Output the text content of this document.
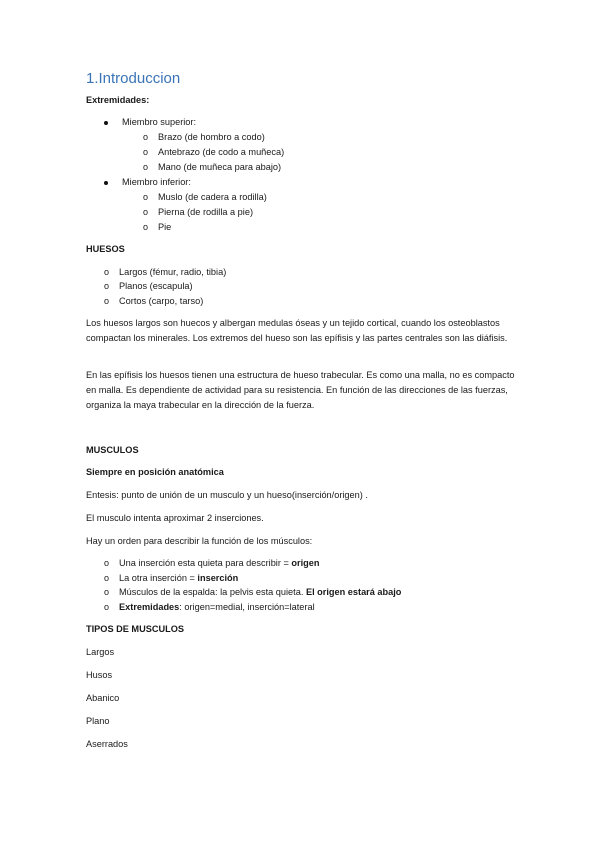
1.Introduccion
Extremidades:
Miembro superior:
o Brazo (de hombro a codo)
o Antebrazo (de codo a muñeca)
o Mano (de muñeca para abajo)
Miembro inferior:
o Muslo (de cadera a rodilla)
o Pierna (de rodilla a pie)
o Pie
HUESOS
o Largos (fémur, radio, tibia)
o Planos (escapula)
o Cortos (carpo, tarso)
Los huesos largos son huecos y albergan medulas óseas y un tejido cortical, cuando los osteoblastos compactan los minerales. Los extremos del hueso son las epífisis y las partes centrales son las diáfisis.
En las epífisis los huesos tienen una estructura de hueso trabecular. Es como una malla, no es compacto en malla. Es dependiente de actividad para su resistencia. En función de las direcciones de las fuerzas, organiza la maya trabecular en la dirección de la fuerza.
MUSCULOS
Siempre en posición anatómica
Entesis: punto de unión de un musculo y un hueso(inserción/origen) .
El musculo intenta aproximar 2 inserciones.
Hay un orden para describir la función de los músculos:
o Una inserción esta quieta para describir = origen
o La otra inserción = inserción
o Músculos de la espalda: la pelvis esta quieta. El origen estará abajo
o Extremidades: origen=medial, inserción=lateral
TIPOS DE MUSCULOS
Largos
Husos
Abanico
Plano
Aserrados
